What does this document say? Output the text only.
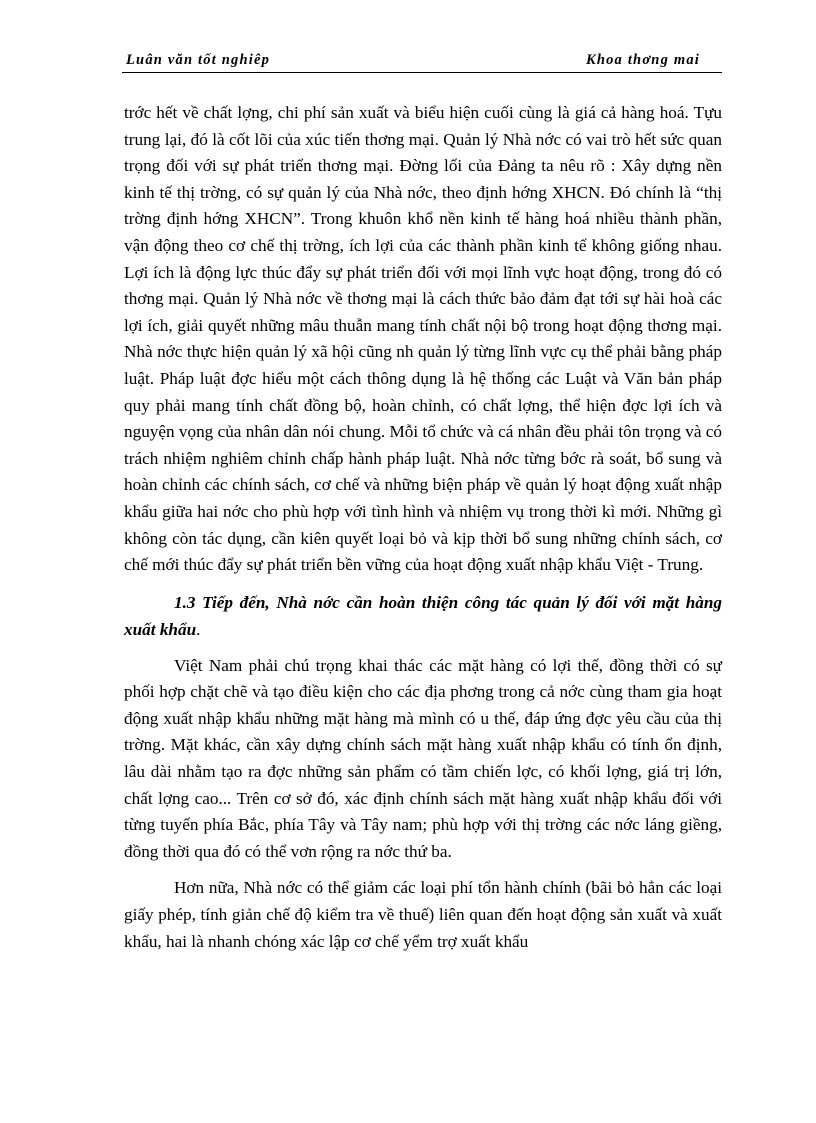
Luân văn tốt nghiêp	Khoa thơng mai

trớc hết về chất lợng, chi phí sản xuất và biểu hiện cuối cùng là giá cả hàng hoá. Tựu trung lại, đó là cốt lõi của xúc tiến thơng mại. Quản lý Nhà nớc có vai trò hết sức quan trọng đối với sự phát triển thơng mại. Đờng lối của Đảng ta nêu rõ : Xây dựng nền kinh tế thị trờng, có sự quản lý của Nhà nớc, theo định hớng XHCN. Đó chính là “thị trờng định hớng XHCN”. Trong khuôn khổ nền kinh tế hàng hoá nhiều thành phần, vận động theo cơ chế thị trờng, ích lợi của các thành phần kinh tế không giống nhau. Lợi ích là động lực thúc đẩy sự phát triển đối với mọi lĩnh vực hoạt động, trong đó có thơng mại. Quản lý Nhà nớc về thơng mại là cách thức bảo đảm đạt tới sự hài hoà các lợi ích, giải quyết những mâu thuẫn mang tính chất nội bộ trong hoạt động thơng mại. Nhà nớc thực hiện quản lý xã hội cũng nh quản lý từng lĩnh vực cụ thể phải bằng pháp luật. Pháp luật đợc hiểu một cách thông dụng là hệ thống các Luật và Văn bản pháp quy phải mang tính chất đồng bộ, hoàn chỉnh, có chất lợng, thể hiện đợc lợi ích và nguyện vọng của nhân dân nói chung. Mỗi tổ chức và cá nhân đều phải tôn trọng và có trách nhiệm nghiêm chỉnh chấp hành pháp luật. Nhà nớc từng bớc rà soát, bổ sung và hoàn chỉnh các chính sách, cơ chế và những biện pháp về quản lý hoạt động xuất nhập khẩu giữa hai nớc cho phù hợp với tình hình và nhiệm vụ trong thời kì mới. Những gì không còn tác dụng, cần kiên quyết loại bỏ và kịp thời bổ sung những chính sách, cơ chế mới thúc đẩy sự phát triển bền vững của hoạt động xuất nhập khẩu Việt - Trung.

1.3 Tiếp đến, Nhà nớc cần hoàn thiện công tác quản lý đối với mặt hàng xuất khẩu.

Việt Nam phải chú trọng khai thác các mặt hàng có lợi thế, đồng thời có sự phối hợp chặt chẽ và tạo điều kiện cho các địa phơng trong cả nớc cùng tham gia hoạt động xuất nhập khẩu những mặt hàng mà mình có u thế, đáp ứng đợc yêu cầu của thị trờng. Mặt khác, cần xây dựng chính sách mặt hàng xuất nhập khẩu có tính ổn định, lâu dài nhằm tạo ra đợc những sản phẩm có tầm chiến lợc, có khối lợng, giá trị lớn, chất lợng cao... Trên cơ sở đó, xác định chính sách mặt hàng xuất nhập khẩu đối với từng tuyến phía Bắc, phía Tây và Tây nam; phù hợp với thị trờng các nớc láng giềng, đồng thời qua đó có thể vơn rộng ra nớc thứ ba.

Hơn nữa, Nhà nớc có thể giảm các loại phí tổn hành chính (bãi bỏ hẳn các loại giấy phép, tính giản chế độ kiểm tra về thuế) liên quan đến hoạt động sản xuất và xuất khẩu, hai là nhanh chóng xác lập cơ chế yểm trợ xuất khẩu
